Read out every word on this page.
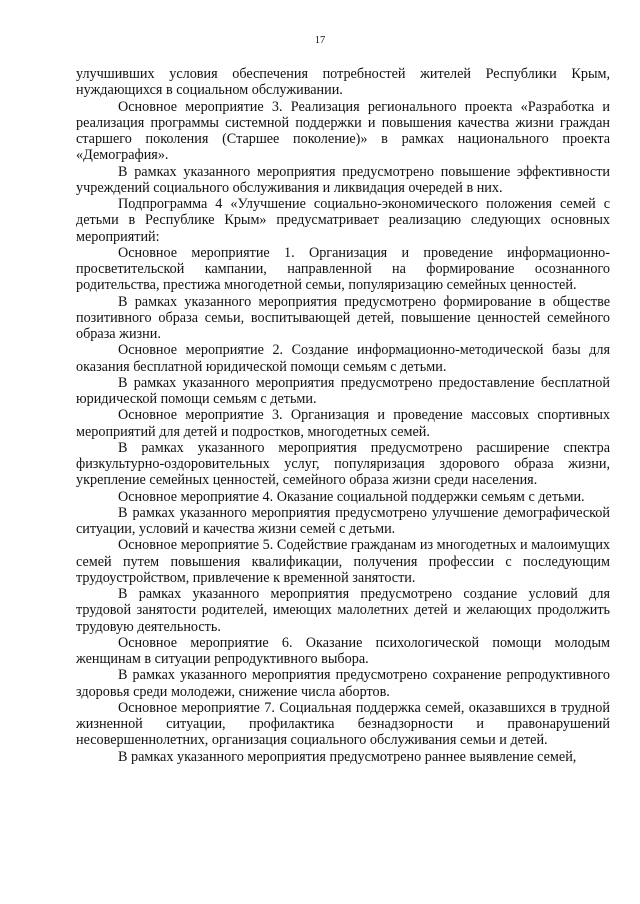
17

улучшивших условия обеспечения потребностей жителей Республики Крым, нуждающихся в социальном обслуживании.

Основное мероприятие 3. Реализация регионального проекта «Разработка и реализация программы системной поддержки и повышения качества жизни граждан старшего поколения (Старшее поколение)» в рамках национального проекта «Демография».

В рамках указанного мероприятия предусмотрено повышение эффективности учреждений социального обслуживания и ликвидация очередей в них.

Подпрограмма 4 «Улучшение социально-экономического положения семей с детьми в Республике Крым» предусматривает реализацию следующих основных мероприятий:

Основное мероприятие 1. Организация и проведение информационно-просветительской кампании, направленной на формирование осознанного родительства, престижа многодетной семьи, популяризацию семейных ценностей.

В рамках указанного мероприятия предусмотрено формирование в обществе позитивного образа семьи, воспитывающей детей, повышение ценностей семейного образа жизни.

Основное мероприятие 2. Создание информационно-методической базы для оказания бесплатной юридической помощи семьям с детьми.

В рамках указанного мероприятия предусмотрено предоставление бесплатной юридической помощи семьям с детьми.

Основное мероприятие 3. Организация и проведение массовых спортивных мероприятий для детей и подростков, многодетных семей.

В рамках указанного мероприятия предусмотрено расширение спектра физкультурно-оздоровительных услуг, популяризация здорового образа жизни, укрепление семейных ценностей, семейного образа жизни среди населения.

Основное мероприятие 4. Оказание социальной поддержки семьям с детьми.

В рамках указанного мероприятия предусмотрено улучшение демографической ситуации, условий и качества жизни семей с детьми.

Основное мероприятие 5. Содействие гражданам из многодетных и малоимущих семей путем повышения квалификации, получения профессии с последующим трудоустройством, привлечение к временной занятости.

В рамках указанного мероприятия предусмотрено создание условий для трудовой занятости родителей, имеющих малолетних детей и желающих продолжить трудовую деятельность.

Основное мероприятие 6. Оказание психологической помощи молодым женщинам в ситуации репродуктивного выбора.

В рамках указанного мероприятия предусмотрено сохранение репродуктивного здоровья среди молодежи, снижение числа абортов.

Основное мероприятие 7. Социальная поддержка семей, оказавшихся в трудной жизненной ситуации, профилактика безнадзорности и правонарушений несовершеннолетних, организация социального обслуживания семьи и детей.

В рамках указанного мероприятия предусмотрено раннее выявление семей,
